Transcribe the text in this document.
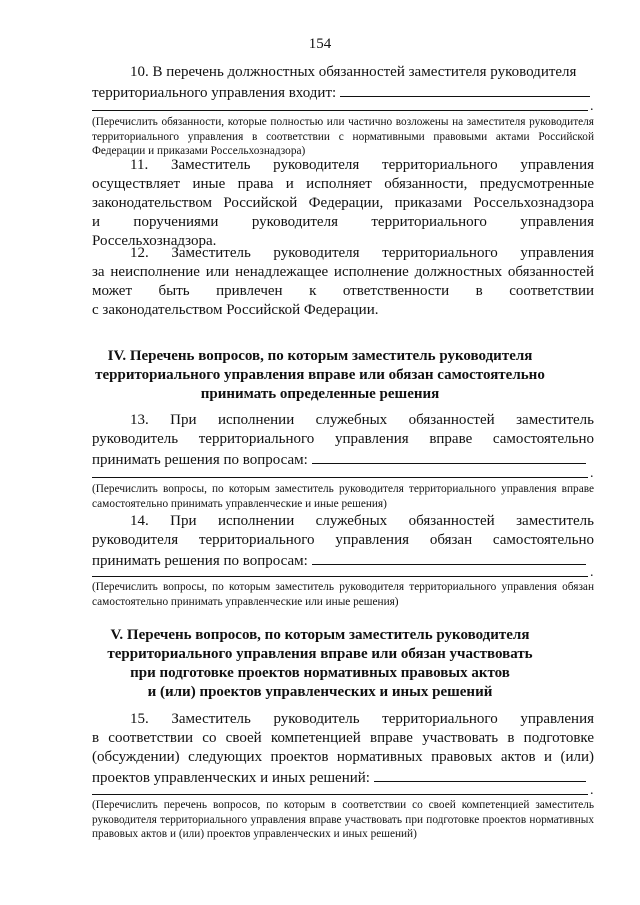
154
10. В перечень должностных обязанностей заместителя руководителя
территориального управления входит:
.
(Перечислить обязанности, которые полностью или частично возложены на заместителя руководителя территориального управления в соответствии с нормативными правовыми актами Российской Федерации и приказами Россельхознадзора)
11. Заместитель руководителя территориального управления
осуществляет иные права и исполняет обязанности, предусмотренные
законодательством Российской Федерации, приказами Россельхознадзора
и поручениями руководителя территориального управления
Россельхознадзора.
12. Заместитель руководителя территориального управления
за неисполнение или ненадлежащее исполнение должностных обязанностей
может быть привлечен к ответственности в соответствии
с законодательством Российской Федерации.
IV. Перечень вопросов, по которым заместитель руководителя
территориального управления вправе или обязан самостоятельно
принимать определенные решения
13. При исполнении служебных обязанностей заместитель
руководитель территориального управления вправе самостоятельно
принимать решения по вопросам:
.
(Перечислить вопросы, по которым заместитель руководителя территориального управления вправе самостоятельно принимать управленческие и иные решения)
14. При исполнении служебных обязанностей заместитель
руководителя территориального управления обязан самостоятельно
принимать решения по вопросам:
.
(Перечислить вопросы, по которым заместитель руководителя территориального управления обязан самостоятельно принимать управленческие или иные решения)
V. Перечень вопросов, по которым заместитель руководителя
территориального управления вправе или обязан участвовать
при подготовке проектов нормативных правовых актов
и (или) проектов управленческих и иных решений
15. Заместитель руководитель территориального управления
в соответствии со своей компетенцией вправе участвовать в подготовке
(обсуждении) следующих проектов нормативных правовых актов и (или)
проектов управленческих и иных решений:
.
(Перечислить перечень вопросов, по которым в соответствии со своей компетенцией заместитель руководителя территориального управления вправе участвовать при подготовке проектов нормативных правовых актов и (или) проектов управленческих и иных решений)
